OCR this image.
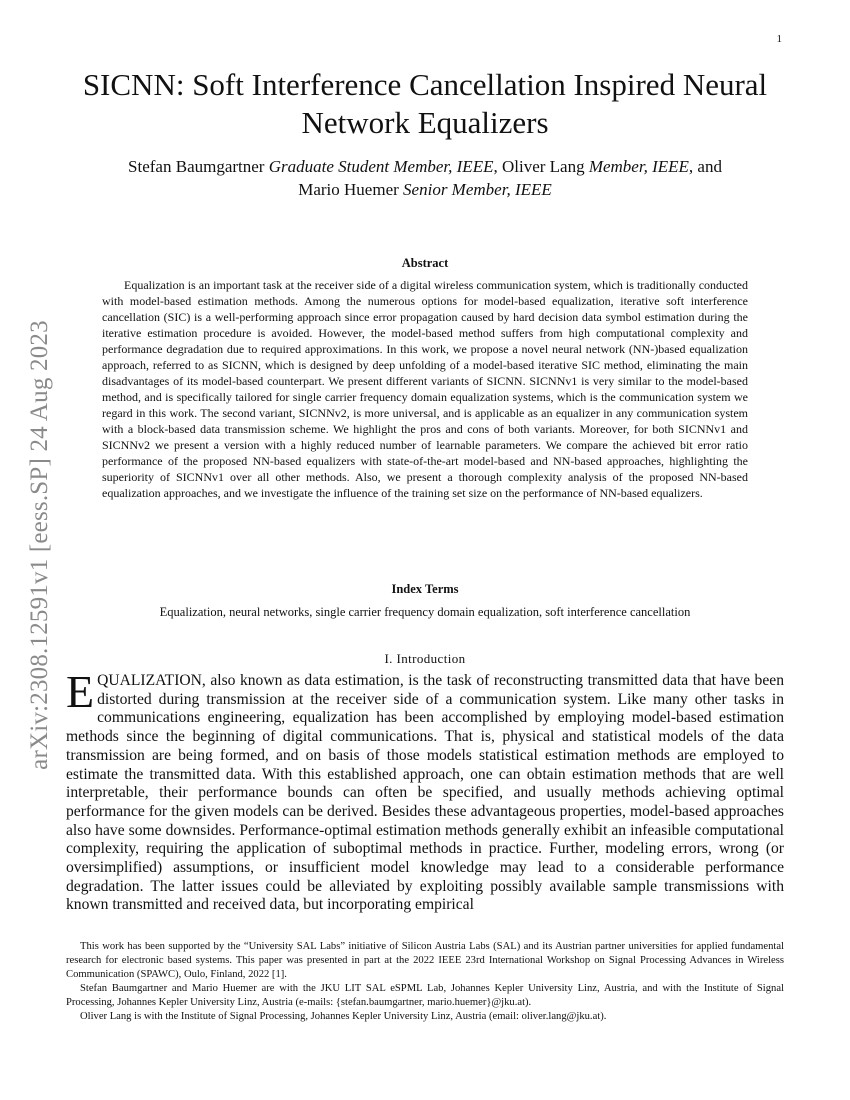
1
arXiv:2308.12591v1 [eess.SP] 24 Aug 2023
SICNN: Soft Interference Cancellation Inspired Neural Network Equalizers
Stefan Baumgartner Graduate Student Member, IEEE, Oliver Lang Member, IEEE, and
Mario Huemer Senior Member, IEEE
Abstract

Equalization is an important task at the receiver side of a digital wireless communication system, which is traditionally conducted with model-based estimation methods. Among the numerous options for model-based equalization, iterative soft interference cancellation (SIC) is a well-performing approach since error propagation caused by hard decision data symbol estimation during the iterative estimation procedure is avoided. However, the model-based method suffers from high computational complexity and performance degradation due to required approximations. In this work, we propose a novel neural network (NN-)based equalization approach, referred to as SICNN, which is designed by deep unfolding of a model-based iterative SIC method, eliminating the main disadvantages of its model-based counterpart. We present different variants of SICNN. SICNNv1 is very similar to the model-based method, and is specifically tailored for single carrier frequency domain equalization systems, which is the communication system we regard in this work. The second variant, SICNNv2, is more universal, and is applicable as an equalizer in any communication system with a block-based data transmission scheme. We highlight the pros and cons of both variants. Moreover, for both SICNNv1 and SICNNv2 we present a version with a highly reduced number of learnable parameters. We compare the achieved bit error ratio performance of the proposed NN-based equalizers with state-of-the-art model-based and NN-based approaches, highlighting the superiority of SICNNv1 over all other methods. Also, we present a thorough complexity analysis of the proposed NN-based equalization approaches, and we investigate the influence of the training set size on the performance of NN-based equalizers.

Index Terms
Equalization, neural networks, single carrier frequency domain equalization, soft interference cancellation
I. Introduction

EQUALIZATION, also known as data estimation, is the task of reconstructing transmitted data that have been distorted during transmission at the receiver side of a communication system. Like many other tasks in communications engineering, equalization has been accomplished by employing model-based estimation methods since the beginning of digital communications. That is, physical and statistical models of the data transmission are being formed, and on basis of those models statistical estimation methods are employed to estimate the transmitted data. With this established approach, one can obtain estimation methods that are well interpretable, their performance bounds can often be specified, and usually methods achieving optimal performance for the given models can be derived. Besides these advantageous properties, model-based approaches also have some downsides. Performance-optimal estimation methods generally exhibit an infeasible computational complexity, requiring the application of suboptimal methods in practice. Further, modeling errors, wrong (or oversimplified) assumptions, or insufficient model knowledge may lead to a considerable performance degradation. The latter issues could be alleviated by exploiting possibly available sample transmissions with known transmitted and received data, but incorporating empirical

This work has been supported by the “University SAL Labs” initiative of Silicon Austria Labs (SAL) and its Austrian partner universities for applied fundamental research for electronic based systems. This paper was presented in part at the 2022 IEEE 23rd International Workshop on Signal Processing Advances in Wireless Communication (SPAWC), Oulo, Finland, 2022 [1].

Stefan Baumgartner and Mario Huemer are with the JKU LIT SAL eSPML Lab, Johannes Kepler University Linz, Austria, and with the Institute of Signal Processing, Johannes Kepler University Linz, Austria (e-mails: {stefan.baumgartner, mario.huemer}@jku.at).

Oliver Lang is with the Institute of Signal Processing, Johannes Kepler University Linz, Austria (email: oliver.lang@jku.at).
